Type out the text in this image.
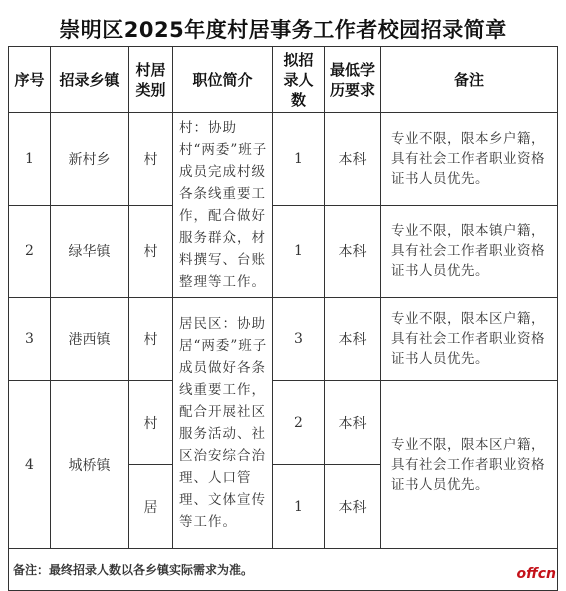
崇明区2025年度村居事务工作者校园招录简章
序号	招录乡镇	村居类别	职位简介	拟招录人数	最低学历要求	备注
1	新村乡	村	村：协助村“两委”班子成员完成村级各条线重要工作，配合做好服务群众，材料撰写、台账整理等工作。	1	本科	专业不限，限本乡户籍，具有社会工作者职业资格证书人员优先。
2	绿华镇	村		1	本科	专业不限，限本镇户籍，具有社会工作者职业资格证书人员优先。
3	港西镇	村	居民区：协助居“两委”班子成员做好各条线重要工作，配合开展社区服务活动、社区治安综合治理、人口管理、文体宣传等工作。	3	本科	专业不限，限本区户籍，具有社会工作者职业资格证书人员优先。
4	城桥镇	村		2	本科	专业不限，限本区户籍，具有社会工作者职业资格证书人员优先。
		居		1	本科	
备注：最终招录人数以各乡镇实际需求为准。							offcn
